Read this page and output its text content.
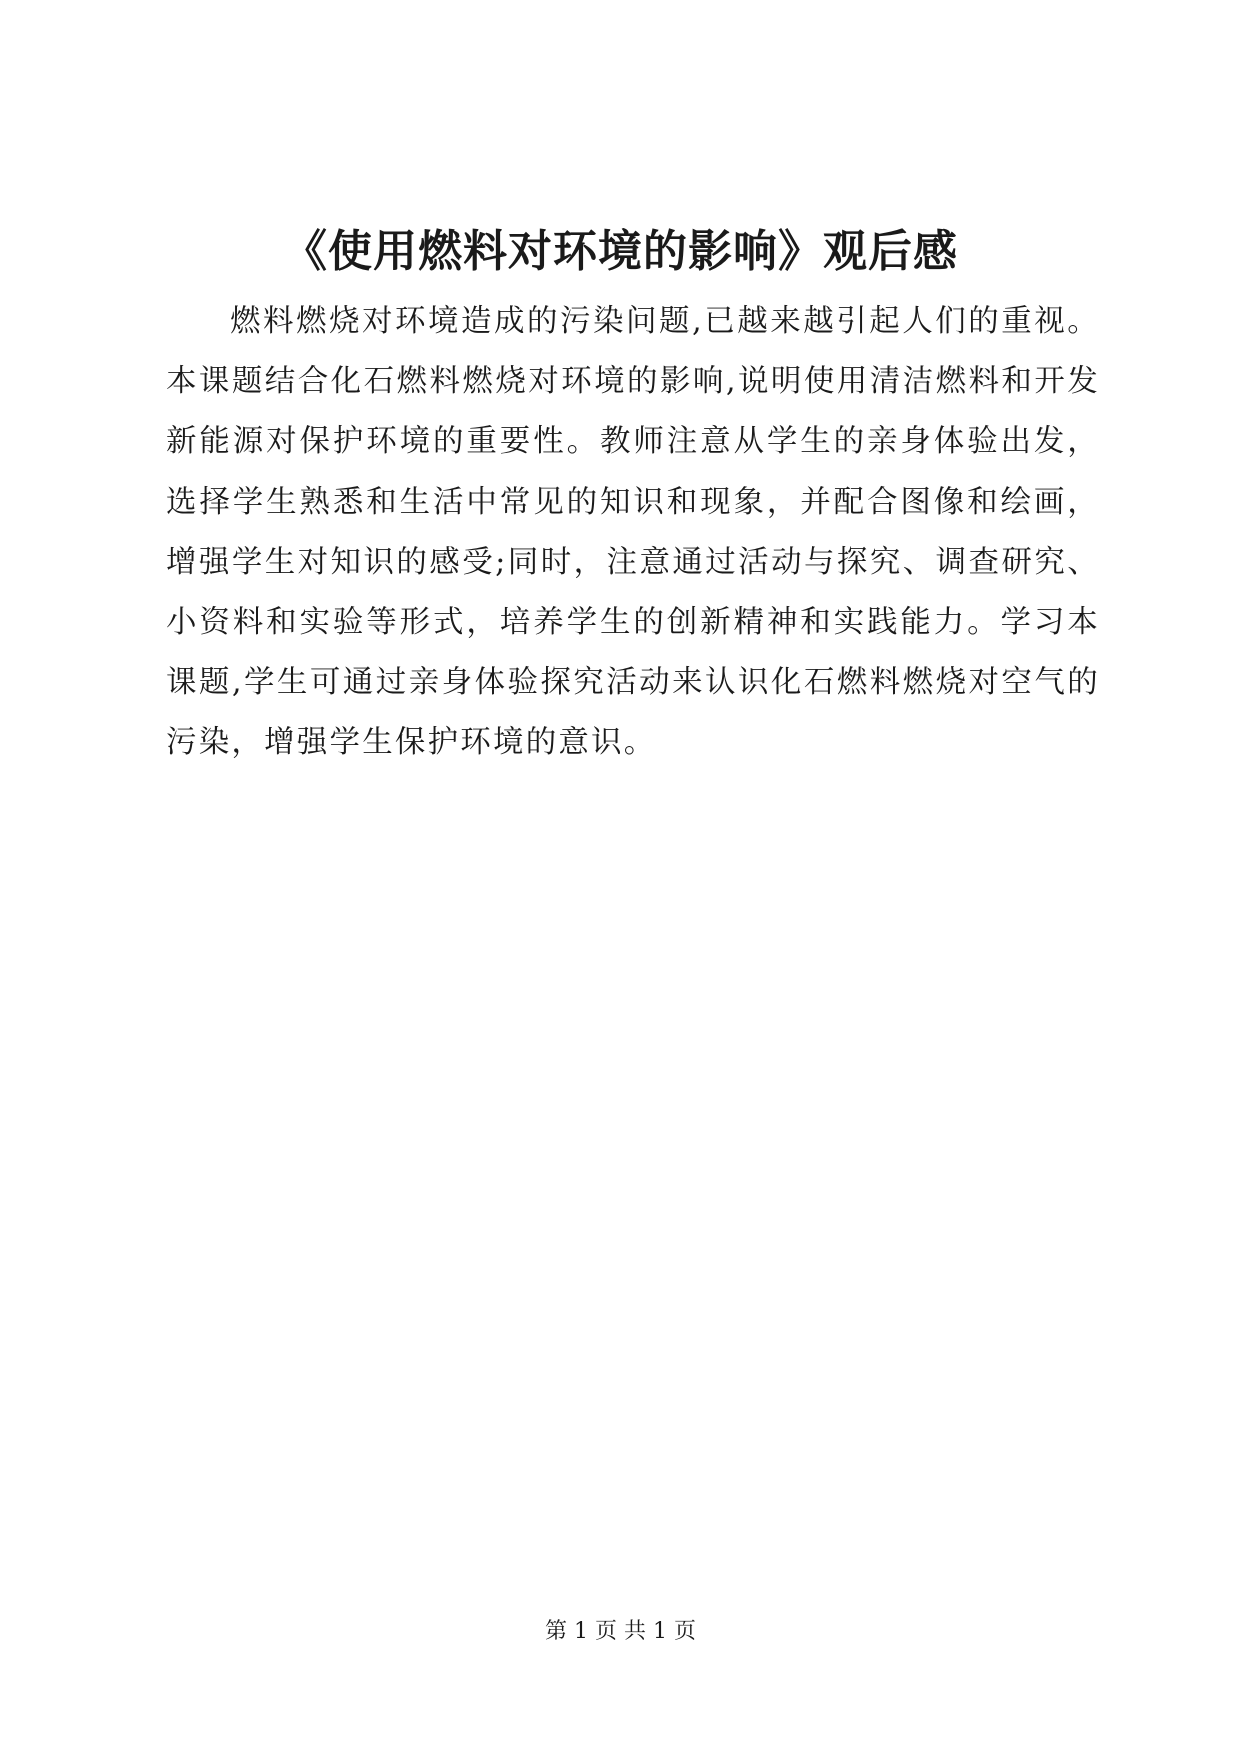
《使用燃料对环境的影响》观后感

燃料燃烧对环境造成的污染问题,已越来越引起人们的重视。本课题结合化石燃料燃烧对环境的影响,说明使用清洁燃料和开发新能源对保护环境的重要性。教师注意从学生的亲身体验出发，选择学生熟悉和生活中常见的知识和现象，并配合图像和绘画，增强学生对知识的感受;同时，注意通过活动与探究、调查研究、小资料和实验等形式，培养学生的创新精神和实践能力。学习本课题,学生可通过亲身体验探究活动来认识化石燃料燃烧对空气的污染，增强学生保护环境的意识。

第 1 页 共 1 页
